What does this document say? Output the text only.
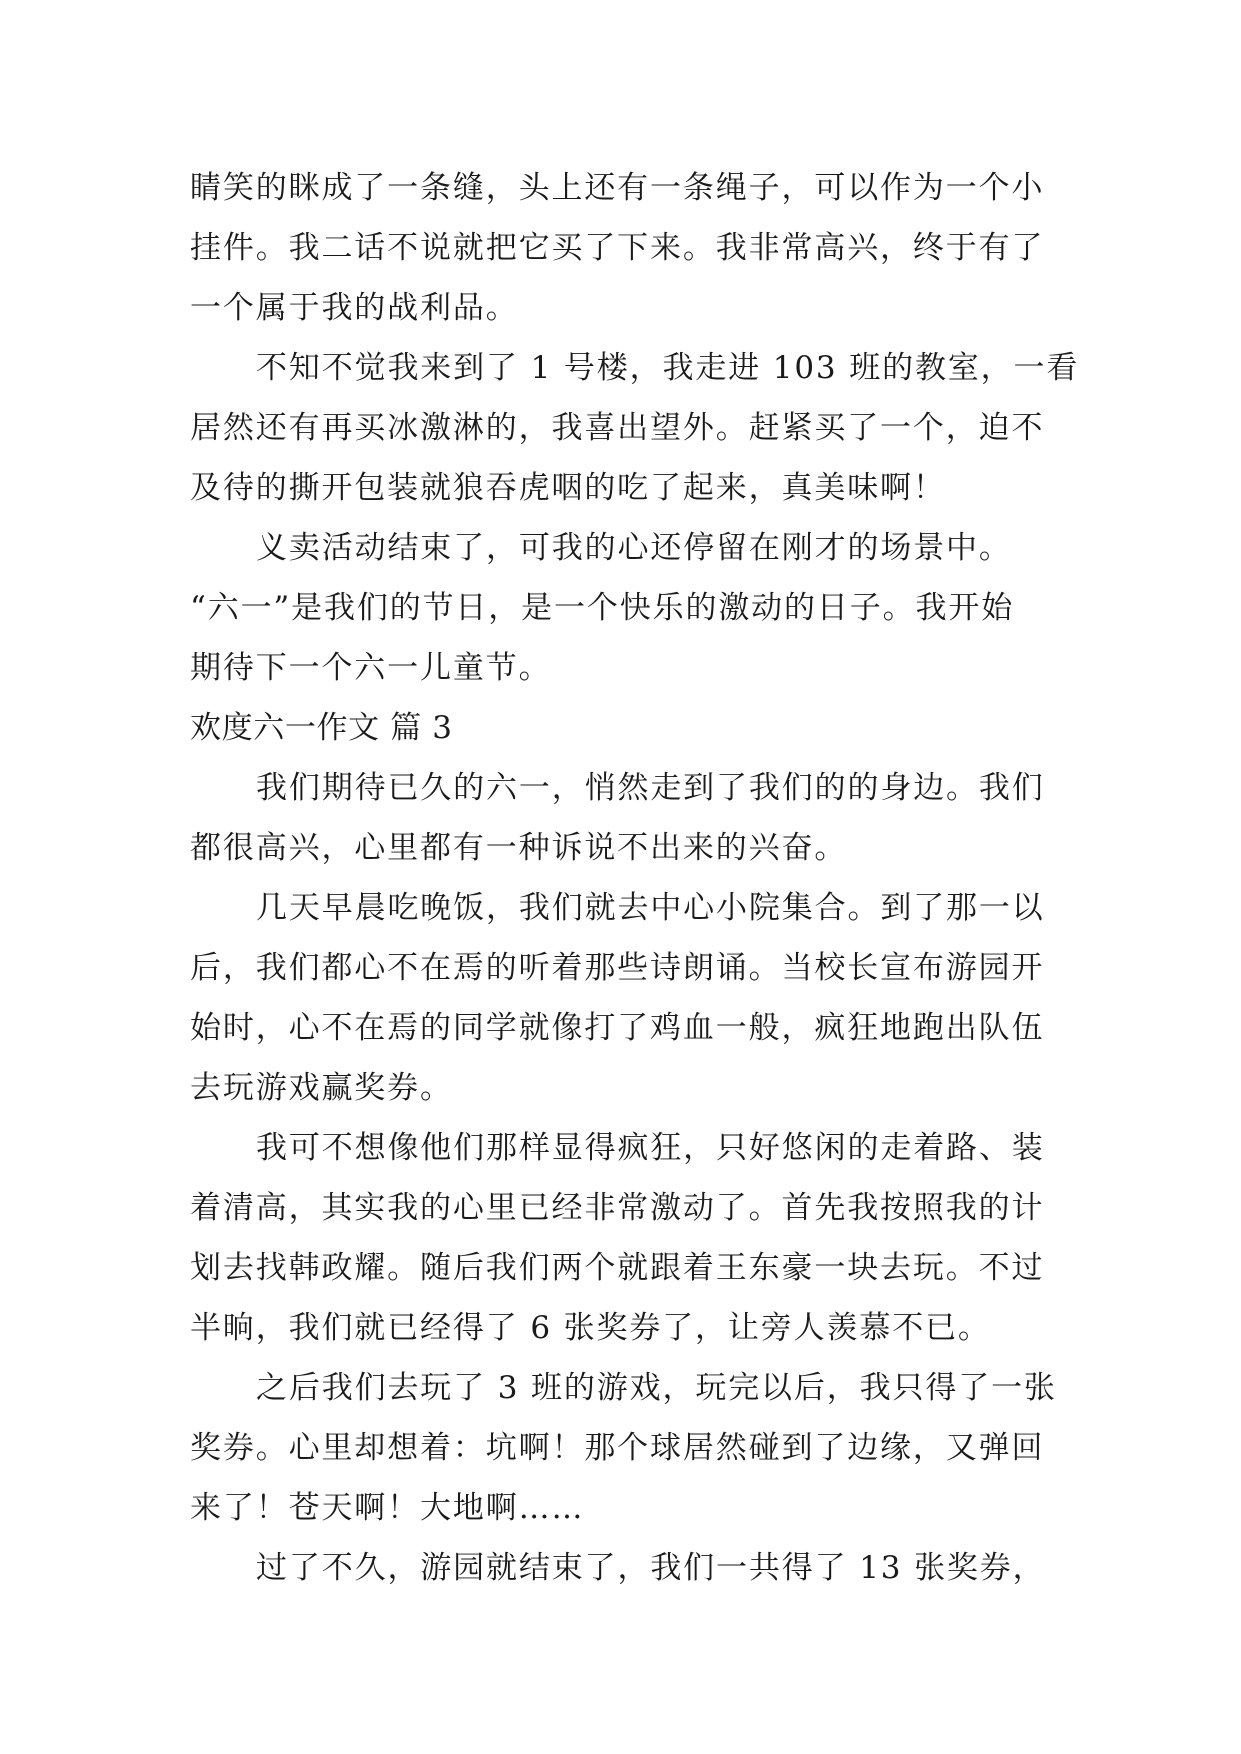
睛笑的眯成了一条缝，头上还有一条绳子，可以作为一个小
挂件。我二话不说就把它买了下来。我非常高兴，终于有了
一个属于我的战利品。
不知不觉我来到了 1 号楼，我走进 103 班的教室，一看
居然还有再买冰激淋的，我喜出望外。赶紧买了一个，迫不
及待的撕开包装就狼吞虎咽的吃了起来，真美味啊！
义卖活动结束了，可我的心还停留在刚才的场景中。
“六一”是我们的节日，是一个快乐的激动的日子。我开始
期待下一个六一儿童节。
欢度六一作文 篇 3
我们期待已久的六一，悄然走到了我们的的身边。我们
都很高兴，心里都有一种诉说不出来的兴奋。
几天早晨吃晚饭，我们就去中心小院集合。到了那一以
后，我们都心不在焉的听着那些诗朗诵。当校长宣布游园开
始时，心不在焉的同学就像打了鸡血一般，疯狂地跑出队伍
去玩游戏赢奖券。
我可不想像他们那样显得疯狂，只好悠闲的走着路、装
着清高，其实我的心里已经非常激动了。首先我按照我的计
划去找韩政耀。随后我们两个就跟着王东豪一块去玩。不过
半晌，我们就已经得了 6 张奖券了，让旁人羡慕不已。
之后我们去玩了 3 班的游戏，玩完以后，我只得了一张
奖券。心里却想着：坑啊！那个球居然碰到了边缘，又弹回
来了！苍天啊！大地啊……
过了不久，游园就结束了，我们一共得了 13 张奖券，
